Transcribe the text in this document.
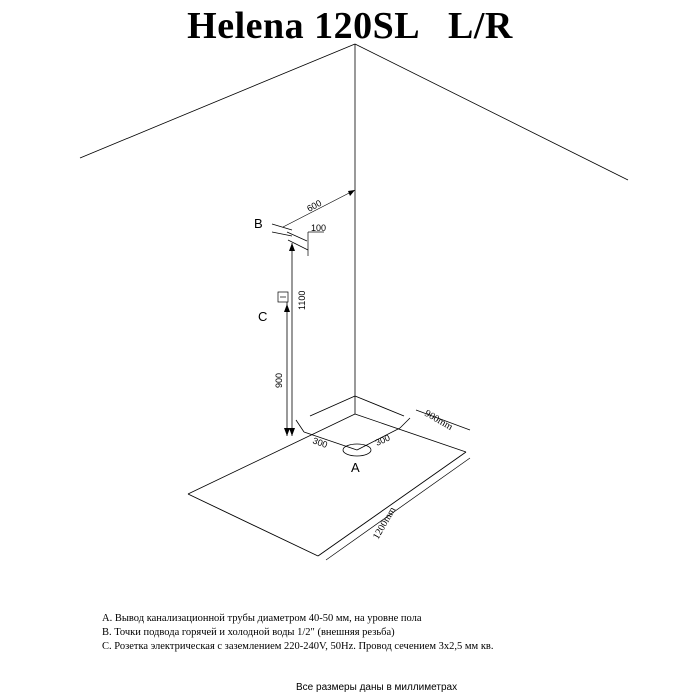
Helena 120SL   L/R
300	300
A
900mm
1200mm
600
100
B
1100
900
C
А. Вывод канализационной трубы диаметром 40-50 мм, на уровне пола
В. Точки подвода горячей и холодной воды 1/2" (внешняя резьба)
С. Розетка электрическая с заземлением 220-240V, 50Hz. Провод сечением 3х2,5 мм кв.
Все размеры даны в миллиметрах
